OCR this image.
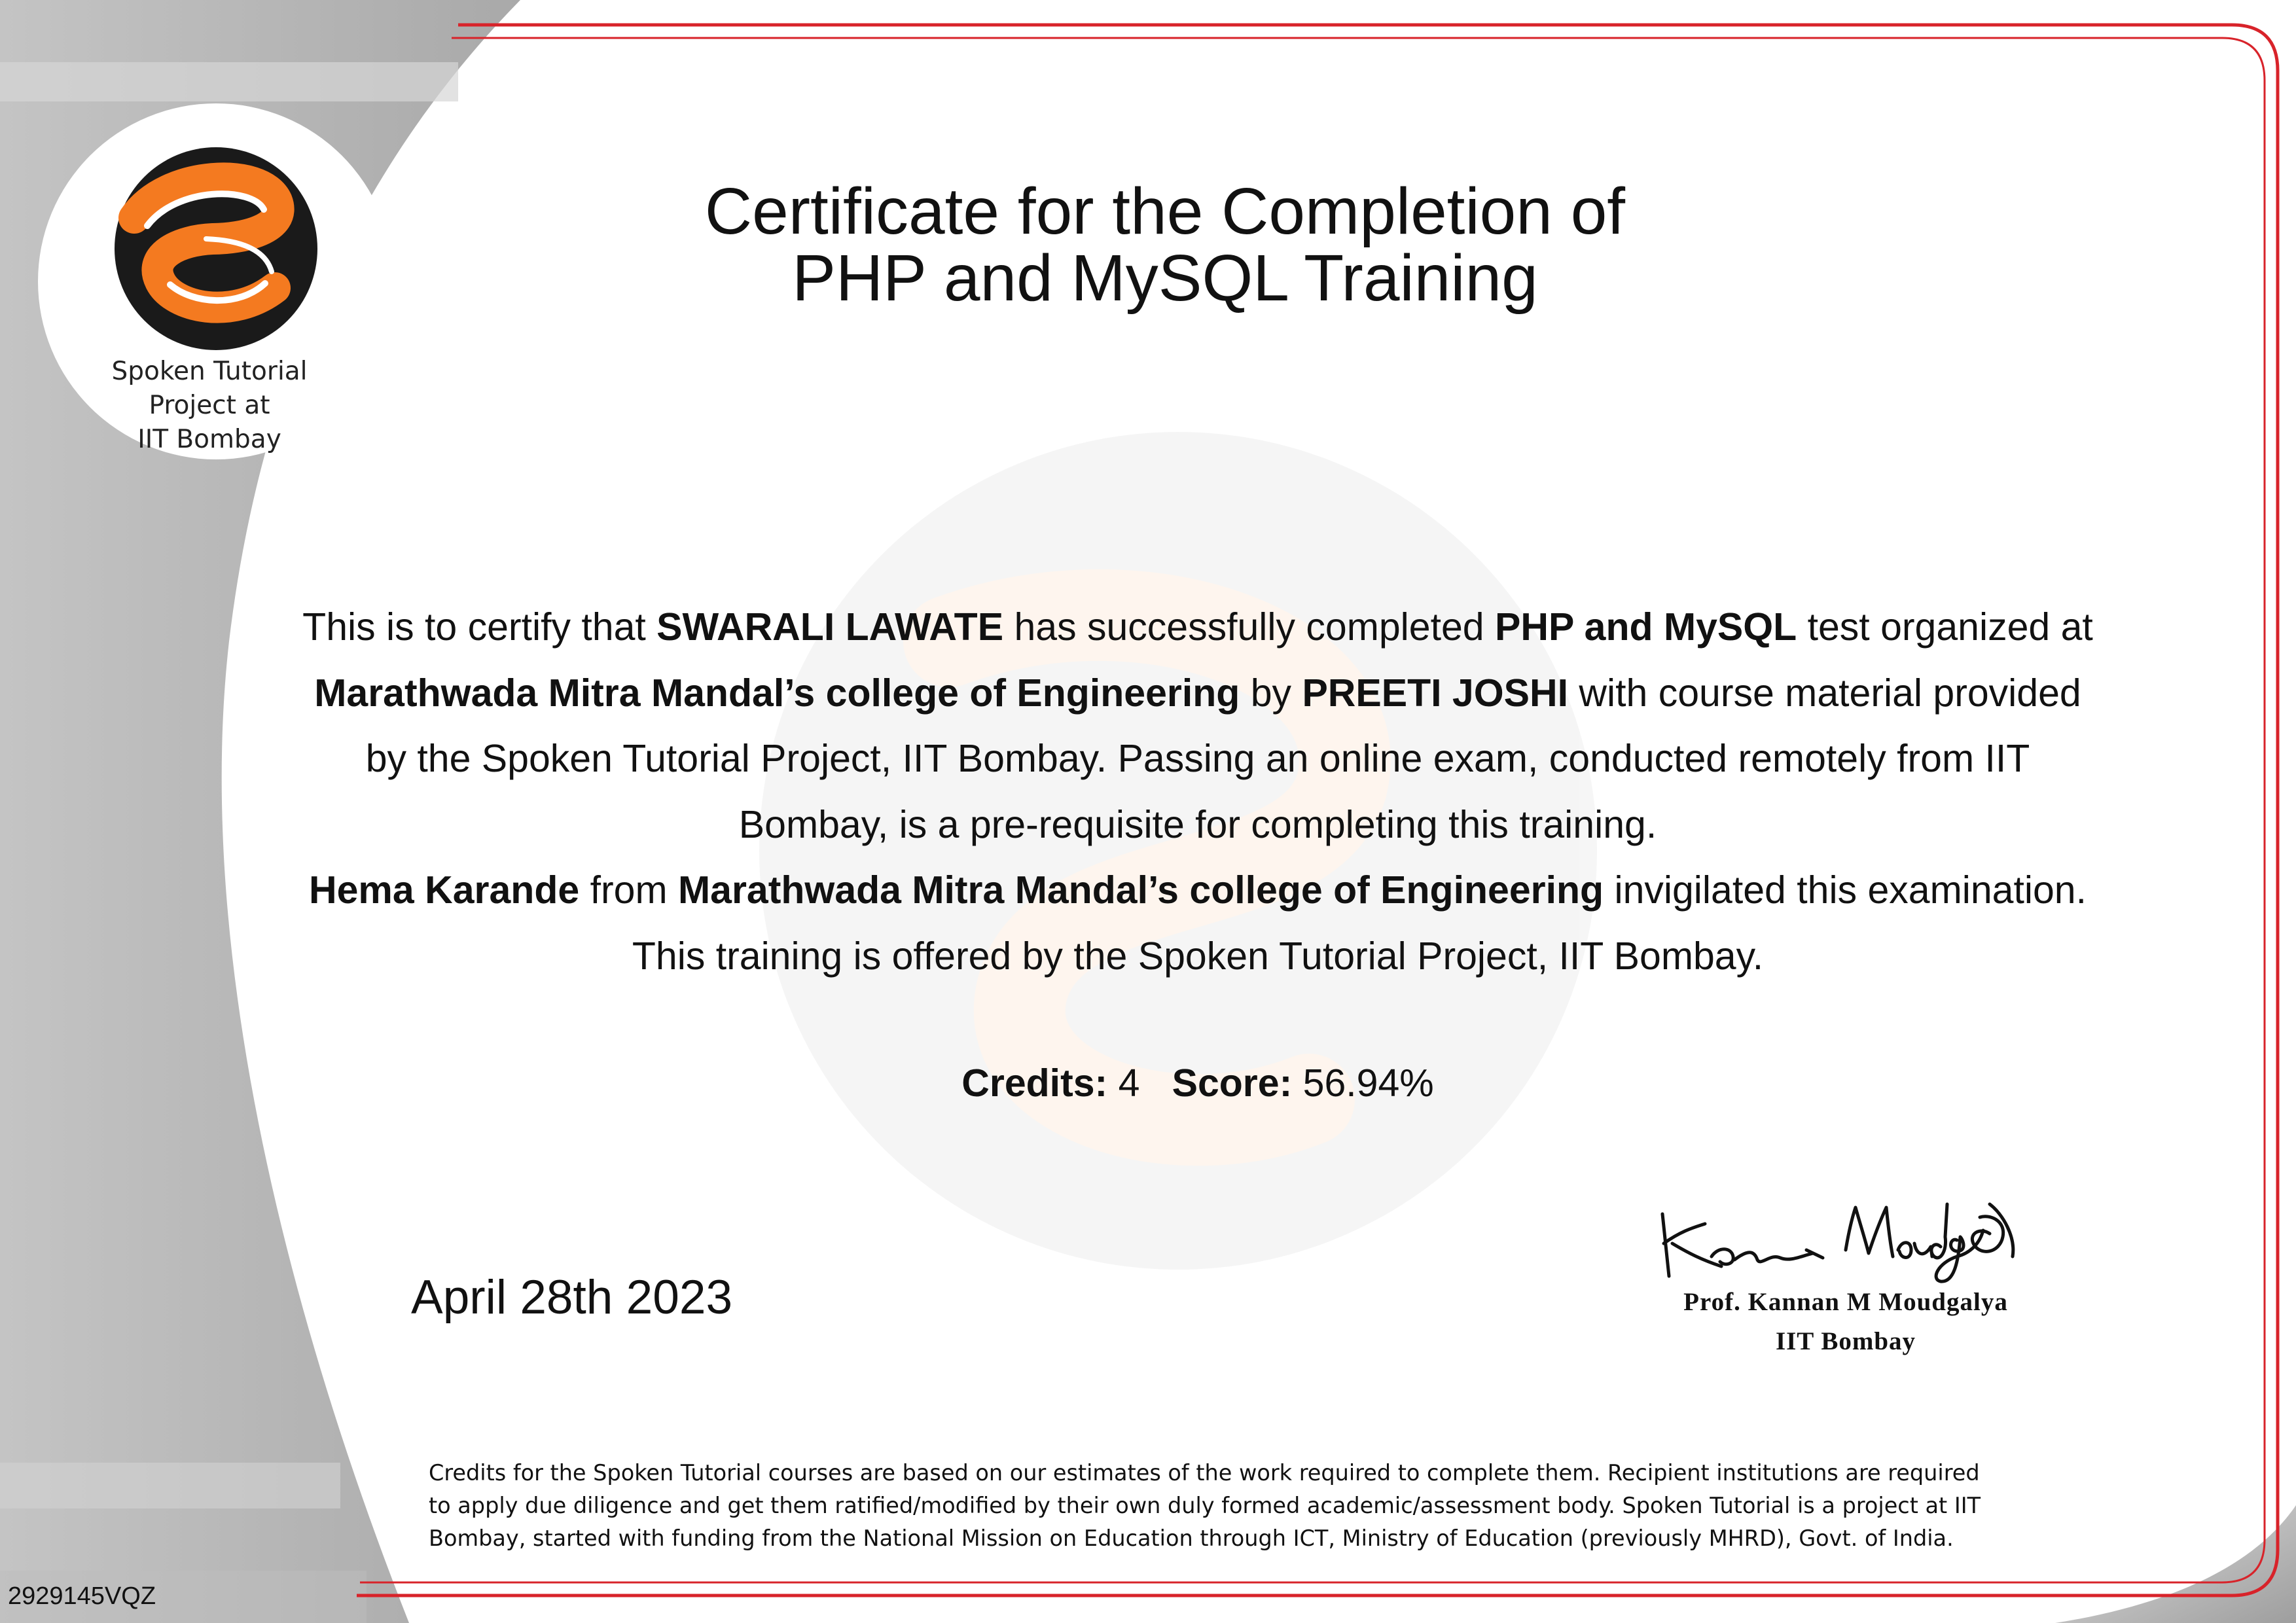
Spoken Tutorial
Project at
IIT Bombay
Certificate for the Completion of
PHP and MySQL Training
This is to certify that SWARALI LAWATE has successfully completed PHP and MySQL test organized at
Marathwada Mitra Mandal’s college of Engineering by PREETI JOSHI with course material provided
by the Spoken Tutorial Project, IIT Bombay. Passing an online exam, conducted remotely from IIT
Bombay, is a pre-requisite for completing this training.
Hema Karande from Marathwada Mitra Mandal’s college of Engineering invigilated this examination.
This training is offered by the Spoken Tutorial Project, IIT Bombay.
Credits: 4 Score: 56.94%
April 28th 2023	Prof. Kannan M Moudgalya
IIT Bombay
Credits for the Spoken Tutorial courses are based on our estimates of the work required to complete them. Recipient institutions are required
to apply due diligence and get them ratified/modified by their own duly formed academic/assessment body. Spoken Tutorial is a project at IIT
Bombay, started with funding from the National Mission on Education through ICT, Ministry of Education (previously MHRD), Govt. of India.
2929145VQZ
